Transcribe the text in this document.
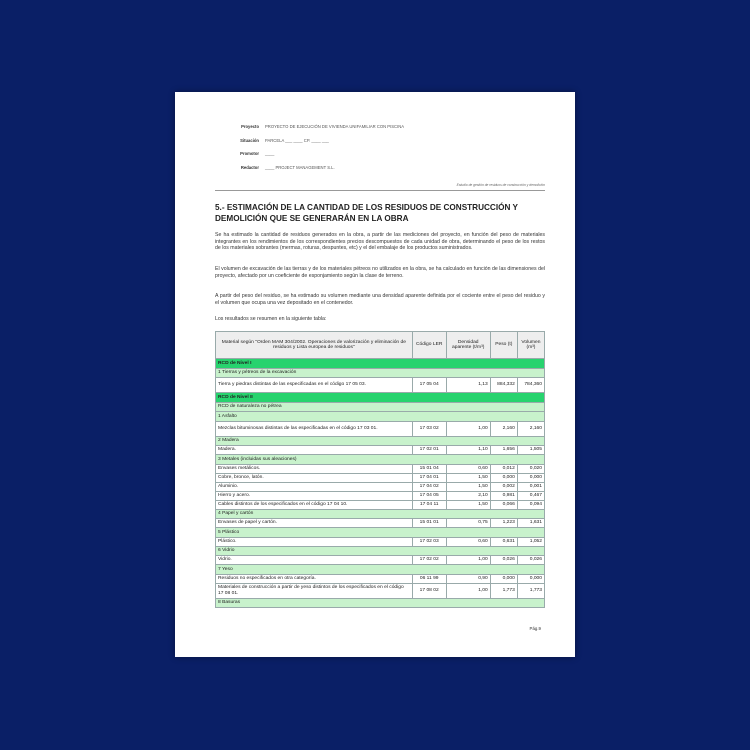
Proyecto	PROYECTO DE EJECUCIÓN DE VIVIENDA UNIFAMILIAR CON PISCINA
Situación	PARCELA ___ ____ CP. ____ ___
Promotor	____
Redactor	____ PROJECT MANAGEMENT S.L.
Estudio de gestión de residuos de construcción y demolición
5.- ESTIMACIÓN DE LA CANTIDAD DE LOS RESIDUOS DE CONSTRUCCIÓN Y DEMOLICIÓN QUE SE GENERARÁN EN LA OBRA
Se ha estimado la cantidad de residuos generados en la obra, a partir de las mediciones del proyecto, en función del peso de materiales integrantes en los rendimientos de los correspondientes precios descompuestos de cada unidad de obra, determinando el peso de los restos de los materiales sobrantes (mermas, roturas, despuntes, etc) y el del embalaje de los productos suministrados.
El volumen de excavación de las tierras y de los materiales pétreos no utilizados en la obra, se ha calculado en función de las dimensiones del proyecto, afectado por un coeficiente de esponjamiento según la clase de terreno.
A partir del peso del residuo, se ha estimado su volumen mediante una densidad aparente definida por el cociente entre el peso del residuo y el volumen que ocupa una vez depositado en el contenedor.
Los resultados se resumen en la siguiente tabla:
Material según "Orden MAM 304/2002. Operaciones de valorización y eliminación de residuos y Lista europea de residuos"	Código LER	Densidad aparente (t/m³)	Peso (t)	Volumen (m³)
RCD de Nivel I				
1 Tierras y pétreos de la excavación				
Tierra y piedras distintas de las especificadas en el código 17 05 03.	17 05 04	1,13	884,332	784,360
RCD de Nivel II				
RCD de naturaleza no pétrea				
1 Asfalto				
Mezclas bituminosas distintas de las especificadas en el código 17 03 01.	17 03 02	1,00	2,160	2,160
2 Madera				
Madera.	17 02 01	1,10	1,656	1,505
3 Metales (incluidas sus aleaciones)				
Envases metálicos.	15 01 04	0,60	0,012	0,020
Cobre, bronce, latón.	17 04 01	1,50	0,000	0,000
Aluminio.	17 04 02	1,50	0,002	0,001
Hierro y acero.	17 04 05	2,10	0,981	0,467
Cables distintos de los especificados en el código 17 04 10.	17 04 11	1,50	0,066	0,094
4 Papel y cartón				
Envases de papel y cartón.	15 01 01	0,75	1,223	1,631
5 Plástico				
Plástico.	17 02 03	0,60	0,631	1,052
6 Vidrio				
Vidrio.	17 02 02	1,00	0,026	0,026
7 Yeso				
Residuos no especificados en otra categoría.	06 11 99	0,90	0,000	0,000
Materiales de construcción a partir de yeso distintos de los especificados en el código 17 08 01.	17 08 02	1,00	1,773	1,773
8 Basuras				
Pág.9
